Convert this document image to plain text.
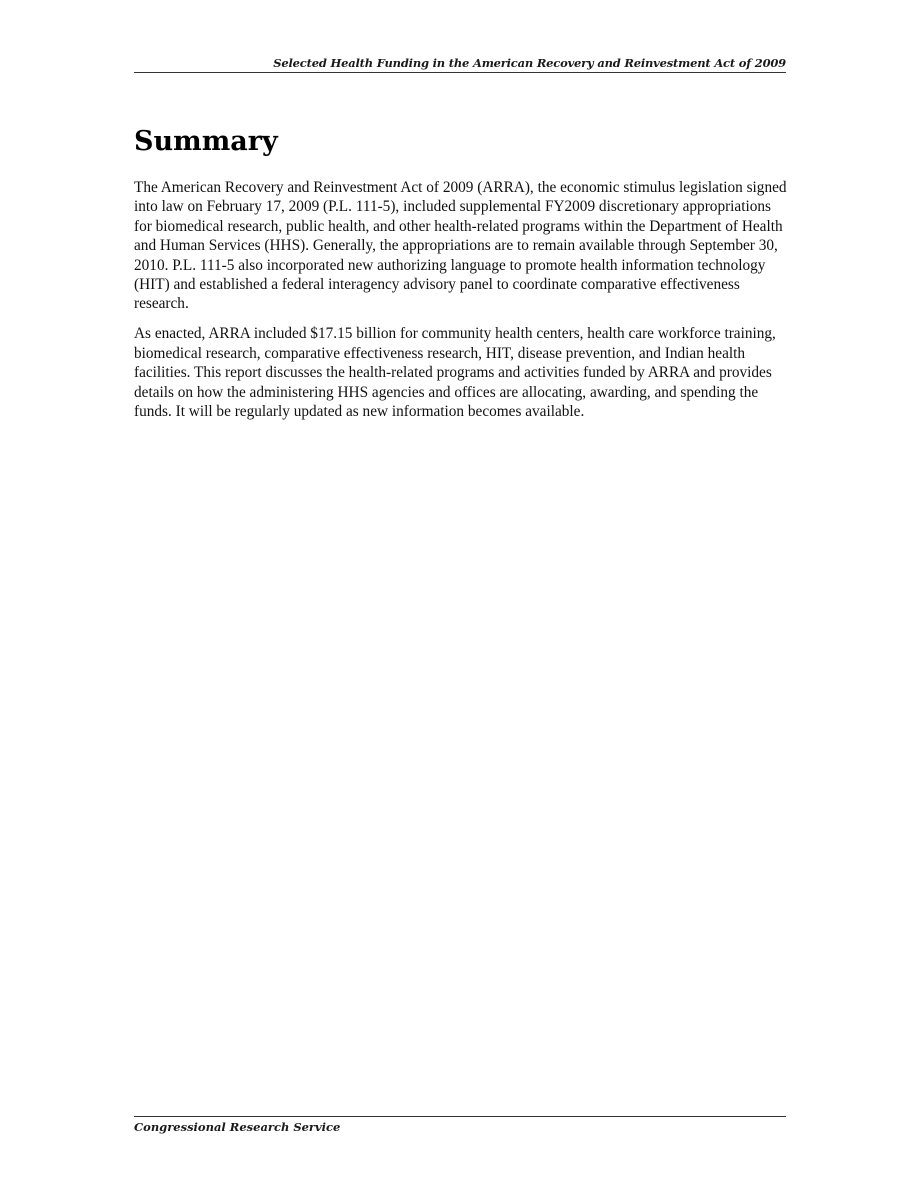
Selected Health Funding in the American Recovery and Reinvestment Act of 2009
Summary

The American Recovery and Reinvestment Act of 2009 (ARRA), the economic stimulus legislation signed into law on February 17, 2009 (P.L. 111-5), included supplemental FY2009 discretionary appropriations for biomedical research, public health, and other health-related programs within the Department of Health and Human Services (HHS). Generally, the appropriations are to remain available through September 30, 2010. P.L. 111-5 also incorporated new authorizing language to promote health information technology (HIT) and established a federal interagency advisory panel to coordinate comparative effectiveness research.

As enacted, ARRA included $17.15 billion for community health centers, health care workforce training, biomedical research, comparative effectiveness research, HIT, disease prevention, and Indian health facilities. This report discusses the health-related programs and activities funded by ARRA and provides details on how the administering HHS agencies and offices are allocating, awarding, and spending the funds. It will be regularly updated as new information becomes available.

Congressional Research Service
